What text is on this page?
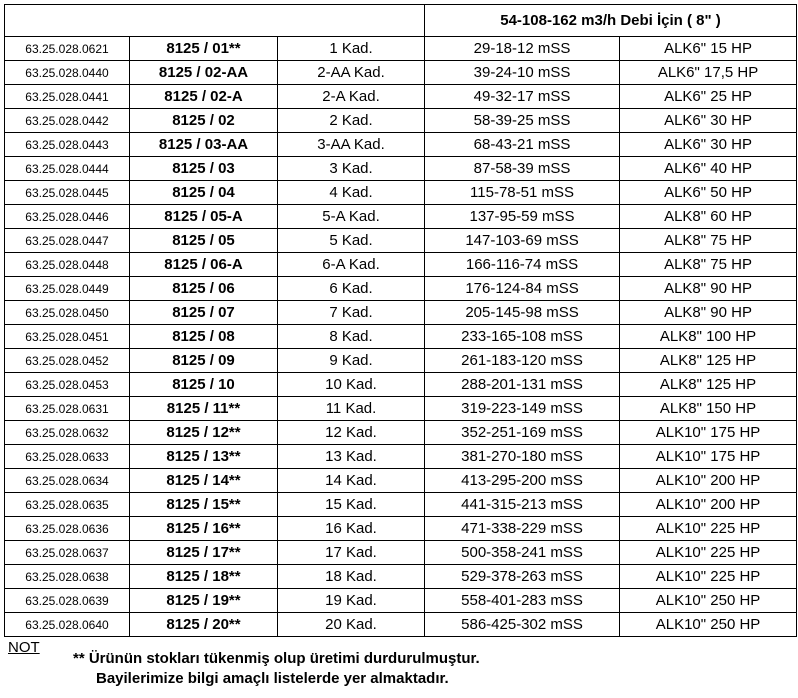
			54-108-162 m3/h Debi İçin ( 8" )	
63.25.028.0621	8125 / 01**	1 Kad.	29-18-12 mSS	ALK6" 15 HP
63.25.028.0440	8125 / 02-AA	2-AA Kad.	39-24-10 mSS	ALK6" 17,5 HP
63.25.028.0441	8125 / 02-A	2-A Kad.	49-32-17 mSS	ALK6" 25 HP
63.25.028.0442	8125 / 02	2 Kad.	58-39-25 mSS	ALK6" 30 HP
63.25.028.0443	8125 / 03-AA	3-AA Kad.	68-43-21 mSS	ALK6" 30 HP
63.25.028.0444	8125 / 03	3 Kad.	87-58-39 mSS	ALK6" 40 HP
63.25.028.0445	8125 / 04	4 Kad.	115-78-51 mSS	ALK6" 50 HP
63.25.028.0446	8125 / 05-A	5-A Kad.	137-95-59 mSS	ALK8" 60 HP
63.25.028.0447	8125 / 05	5 Kad.	147-103-69 mSS	ALK8" 75 HP
63.25.028.0448	8125 / 06-A	6-A Kad.	166-116-74 mSS	ALK8" 75 HP
63.25.028.0449	8125 / 06	6 Kad.	176-124-84 mSS	ALK8" 90 HP
63.25.028.0450	8125 / 07	7 Kad.	205-145-98 mSS	ALK8" 90 HP
63.25.028.0451	8125 / 08	8 Kad.	233-165-108 mSS	ALK8" 100 HP
63.25.028.0452	8125 / 09	9 Kad.	261-183-120 mSS	ALK8" 125 HP
63.25.028.0453	8125 / 10	10 Kad.	288-201-131 mSS	ALK8" 125 HP
63.25.028.0631	8125 / 11**	11 Kad.	319-223-149 mSS	ALK8" 150 HP
63.25.028.0632	8125 / 12**	12 Kad.	352-251-169 mSS	ALK10" 175 HP
63.25.028.0633	8125 / 13**	13 Kad.	381-270-180 mSS	ALK10" 175 HP
63.25.028.0634	8125 / 14**	14 Kad.	413-295-200 mSS	ALK10" 200 HP
63.25.028.0635	8125 / 15**	15 Kad.	441-315-213 mSS	ALK10" 200 HP
63.25.028.0636	8125 / 16**	16 Kad.	471-338-229 mSS	ALK10" 225 HP
63.25.028.0637	8125 / 17**	17 Kad.	500-358-241 mSS	ALK10" 225 HP
63.25.028.0638	8125 / 18**	18 Kad.	529-378-263 mSS	ALK10" 225 HP
63.25.028.0639	8125 / 19**	19 Kad.	558-401-283 mSS	ALK10" 250 HP
63.25.028.0640	8125 / 20**	20 Kad.	586-425-302 mSS	ALK10" 250 HP
NOT
** Ürünün stokları tükenmiş olup üretimi durdurulmuştur.
Bayilerimize bilgi amaçlı listelerde yer almaktadır.
